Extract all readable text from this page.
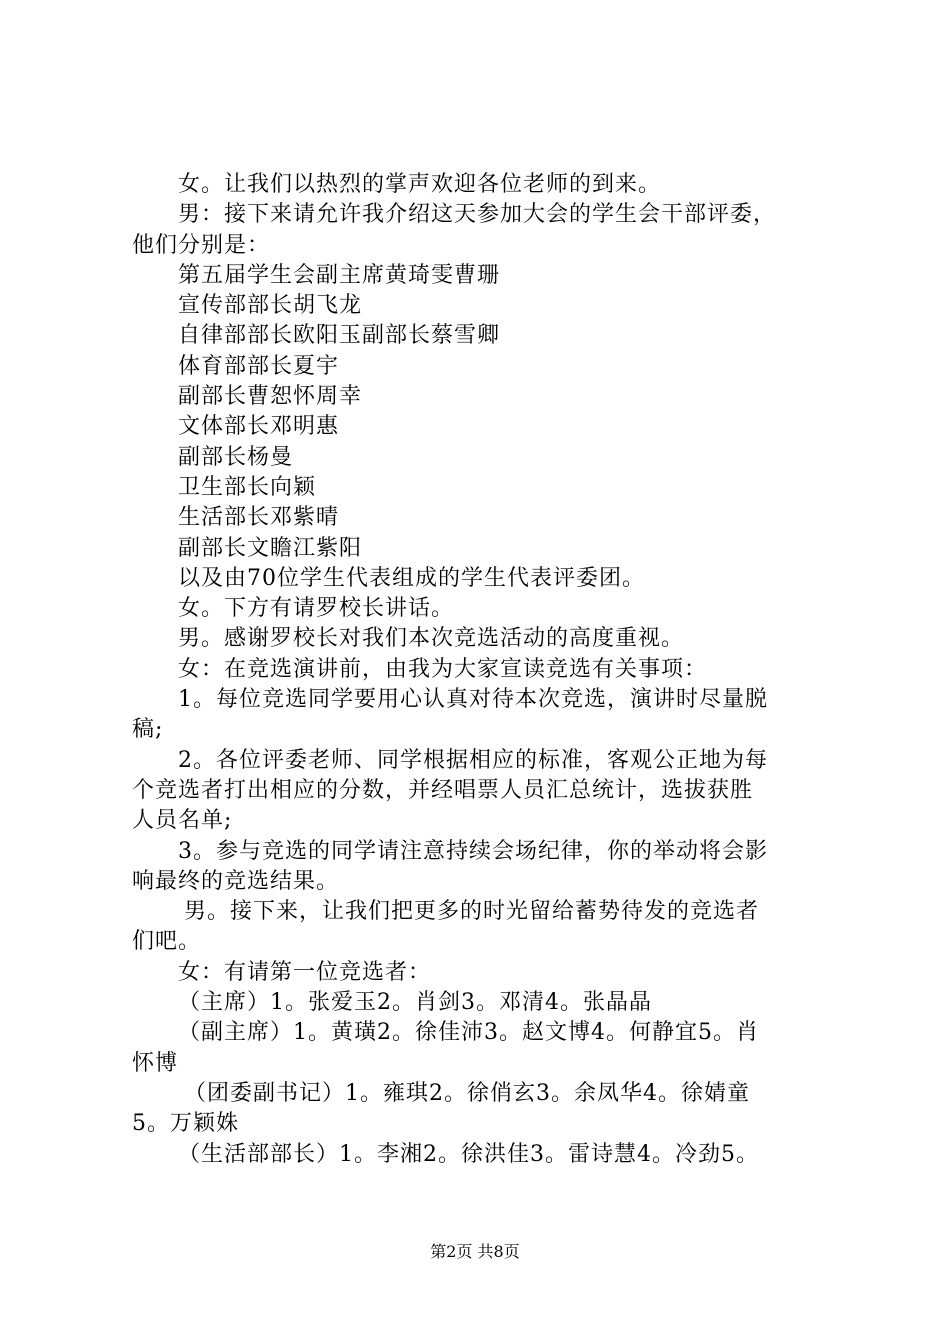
女。让我们以热烈的掌声欢迎各位老师的到来。
男：接下来请允许我介绍这天参加大会的学生会干部评委，
他们分别是：
第五届学生会副主席黄琦雯曹珊
宣传部部长胡飞龙
自律部部长欧阳玉副部长蔡雪卿
体育部部长夏宇
副部长曹恕怀周幸
文体部长邓明惠
副部长杨曼
卫生部长向颖
生活部长邓紫晴
副部长文瞻江紫阳
以及由70位学生代表组成的学生代表评委团。
女。下方有请罗校长讲话。
男。感谢罗校长对我们本次竞选活动的高度重视。
女：在竞选演讲前，由我为大家宣读竞选有关事项：
1。每位竞选同学要用心认真对待本次竞选，演讲时尽量脱
稿;
2。各位评委老师、同学根据相应的标准，客观公正地为每
个竞选者打出相应的分数，并经唱票人员汇总统计，选拔获胜
人员名单;
3。参与竞选的同学请注意持续会场纪律，你的举动将会影
响最终的竞选结果。
男。接下来，让我们把更多的时光留给蓄势待发的竞选者
们吧。
女：有请第一位竞选者：
（主席）1。张爱玉2。肖剑3。邓清4。张晶晶
（副主席）1。黄璜2。徐佳沛3。赵文博4。何静宜5。肖
怀博
（团委副书记）1。雍琪2。徐俏玄3。余凤华4。徐婧童
5。万颖姝
（生活部部长）1。李湘2。徐洪佳3。雷诗慧4。冷劲5。
第2页 共8页
